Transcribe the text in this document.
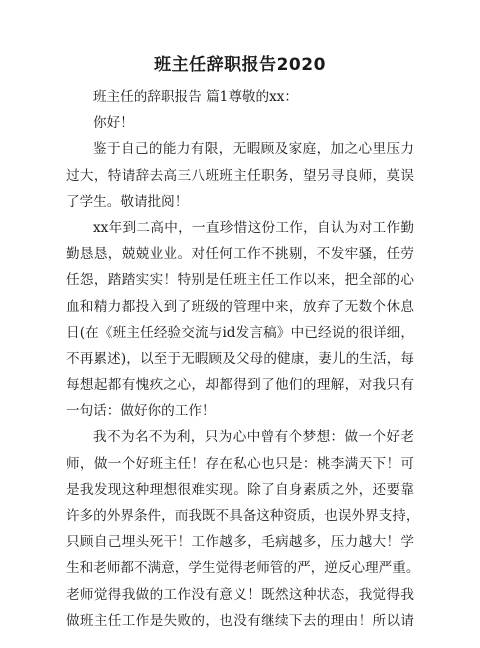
班主任辞职报告2020
班主任的辞职报告 篇1尊敬的xx：
你好！
鉴于自己的能力有限，无暇顾及家庭，加之心里压力
过大，特请辞去高三八班班主任职务，望另寻良师，莫误
了学生。敬请批阅！
xx年到二高中，一直珍惜这份工作，自认为对工作勤
勤恳恳，兢兢业业。对任何工作不挑剔，不发牢骚，任劳
任怨，踏踏实实！特别是任班主任工作以来，把全部的心
血和精力都投入到了班级的管理中来，放弃了无数个休息
日(在《班主任经验交流与id发言稿》中已经说的很详细，
不再累述)，以至于无暇顾及父母的健康，妻儿的生活，每
每想起都有愧疚之心，却都得到了他们的理解，对我只有
一句话：做好你的工作！
我不为名不为利，只为心中曾有个梦想：做一个好老
师，做一个好班主任！存在私心也只是：桃李满天下！可
是我发现这种理想很难实现。除了自身素质之外，还要靠
许多的外界条件，而我既不具备这种资质，也误外界支持，
只顾自己埋头死干！工作越多，毛病越多，压力越大！学
生和老师都不满意，学生觉得老师管的严，逆反心理严重。
老师觉得我做的工作没有意义！既然这种状态，我觉得我
做班主任工作是失败的，也没有继续下去的理由！所以请
